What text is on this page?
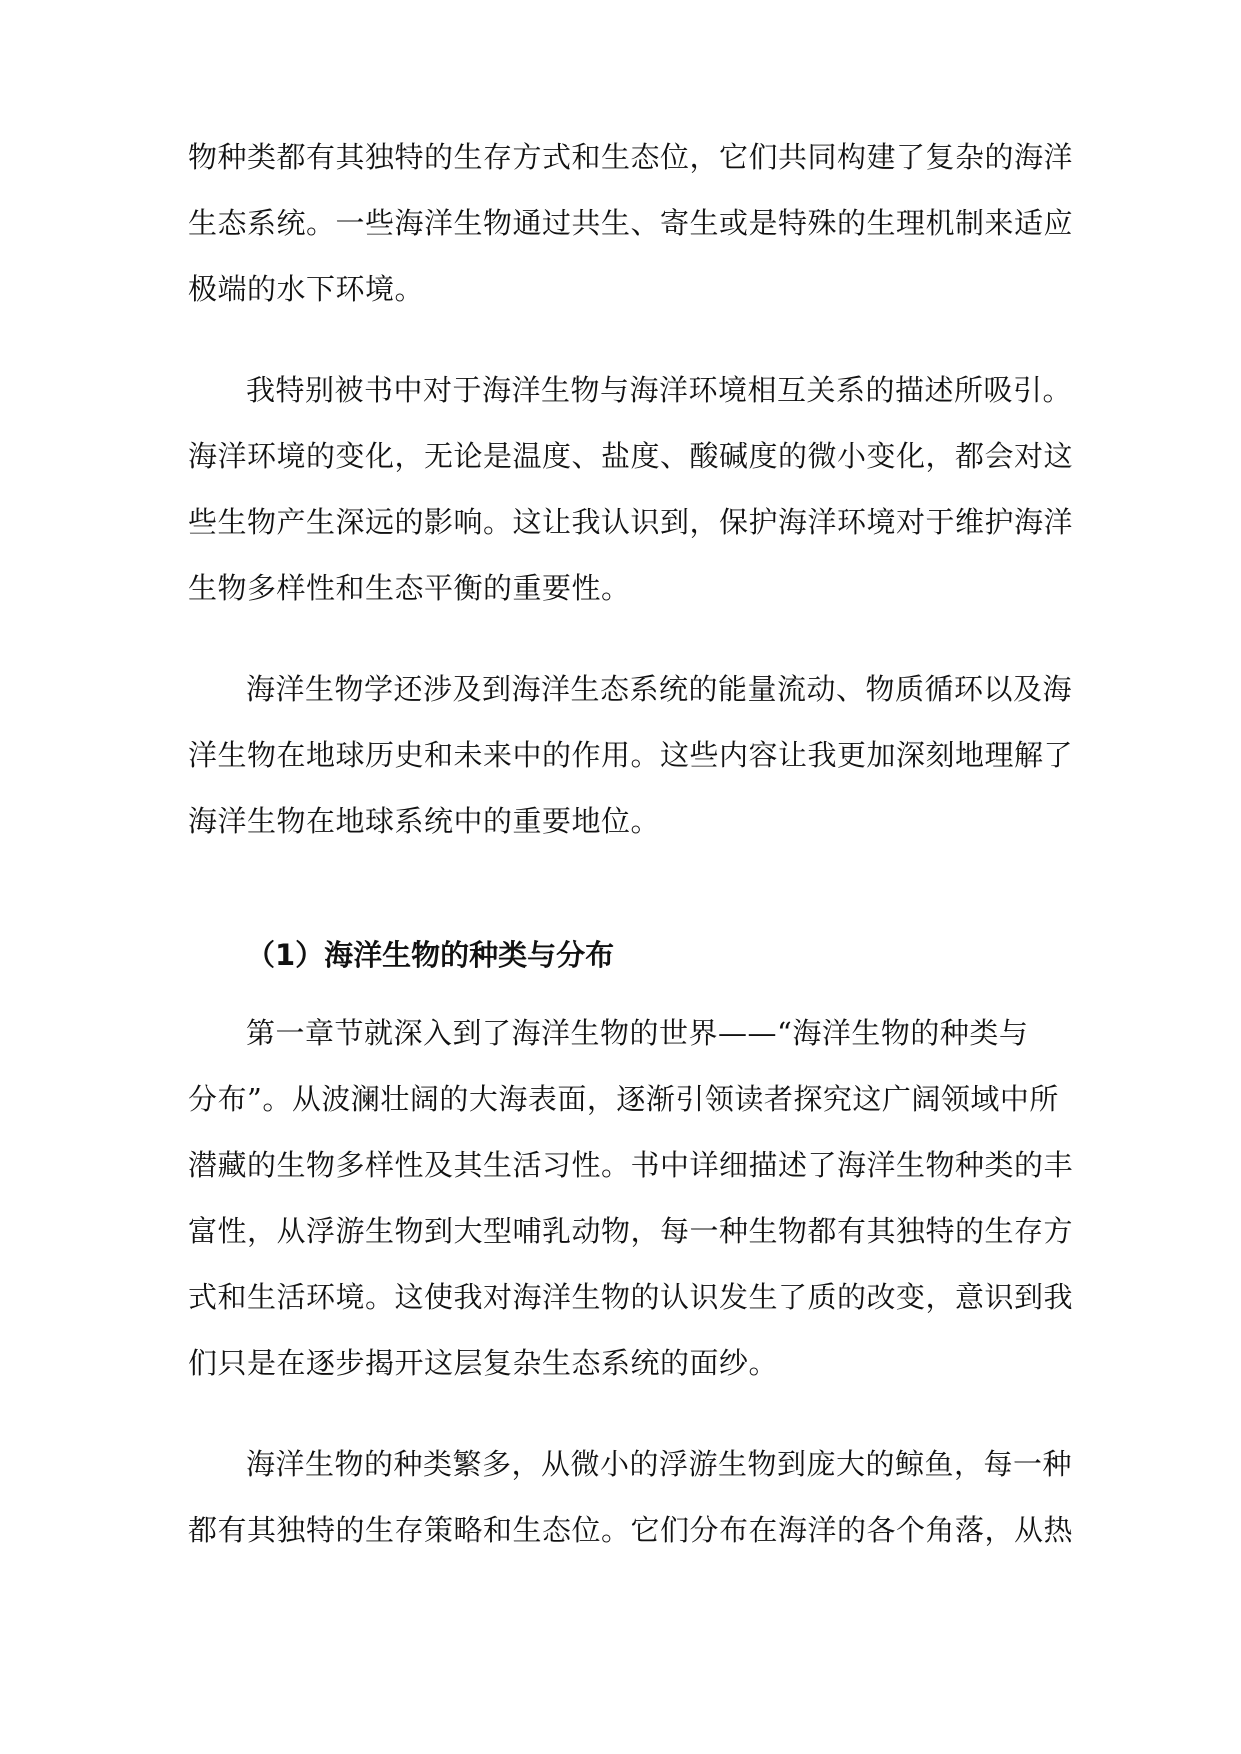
物种类都有其独特的生存方式和生态位，它们共同构建了复杂的海洋
生态系统。一些海洋生物通过共生、寄生或是特殊的生理机制来适应
极端的水下环境。
我特别被书中对于海洋生物与海洋环境相互关系的描述所吸引。
海洋环境的变化，无论是温度、盐度、酸碱度的微小变化，都会对这
些生物产生深远的影响。这让我认识到，保护海洋环境对于维护海洋
生物多样性和生态平衡的重要性。
海洋生物学还涉及到海洋生态系统的能量流动、物质循环以及海
洋生物在地球历史和未来中的作用。这些内容让我更加深刻地理解了
海洋生物在地球系统中的重要地位。
（1）海洋生物的种类与分布
第一章节就深入到了海洋生物的世界——“海洋生物的种类与
分布”。从波澜壮阔的大海表面，逐渐引领读者探究这广阔领域中所
潜藏的生物多样性及其生活习性。书中详细描述了海洋生物种类的丰
富性，从浮游生物到大型哺乳动物，每一种生物都有其独特的生存方
式和生活环境。这使我对海洋生物的认识发生了质的改变，意识到我
们只是在逐步揭开这层复杂生态系统的面纱。
海洋生物的种类繁多，从微小的浮游生物到庞大的鲸鱼，每一种
都有其独特的生存策略和生态位。它们分布在海洋的各个角落，从热
